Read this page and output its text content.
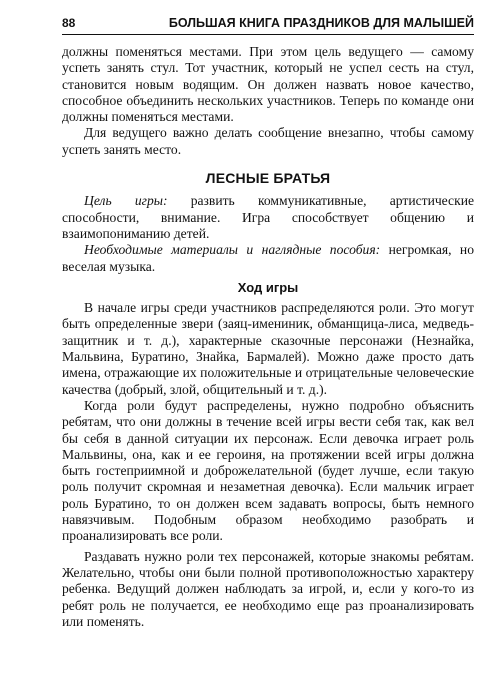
88	БОЛЬШАЯ КНИГА ПРАЗДНИКОВ ДЛЯ МАЛЫШЕЙ

должны поменяться местами. При этом цель ведущего — самому успеть занять стул. Тот участник, который не успел сесть на стул, становится новым водящим. Он должен назвать новое качество, способное объединить нескольких участников. Теперь по команде они должны поменяться местами.

Для ведущего важно делать сообщение внезапно, чтобы самому успеть занять место.

ЛЕСНЫЕ БРАТЬЯ

Цель игры: развить коммуникативные, артистические способности, внимание. Игра способствует общению и взаимопониманию детей.

Необходимые материалы и наглядные пособия: негромкая, но веселая музыка.

Ход игры

В начале игры среди участников распределяются роли. Это могут быть определенные звери (заяц-имениник, обманщица-лиса, медведь-защитник и т. д.), характерные сказочные персонажи (Незнайка, Мальвина, Буратино, Знайка, Бармалей). Можно даже просто дать имена, отражающие их положительные и отрицательные человеческие качества (добрый, злой, общительный и т. д.).

Когда роли будут распределены, нужно подробно объяснить ребятам, что они должны в течение всей игры вести себя так, как вел бы себя в данной ситуации их персонаж. Если девочка играет роль Мальвины, она, как и ее героиня, на протяжении всей игры должна быть гостеприимной и доброжелательной (будет лучше, если такую роль получит скромная и незаметная девочка). Если мальчик играет роль Буратино, то он должен всем задавать вопросы, быть немного навязчивым. Подобным образом необходимо разобрать и проанализировать все роли.

Раздавать нужно роли тех персонажей, которые знакомы ребятам. Желательно, чтобы они были полной противоположностью характеру ребенка. Ведущий должен наблюдать за игрой, и, если у кого-то из ребят роль не получается, ее необходимо еще раз проанализировать или поменять.
